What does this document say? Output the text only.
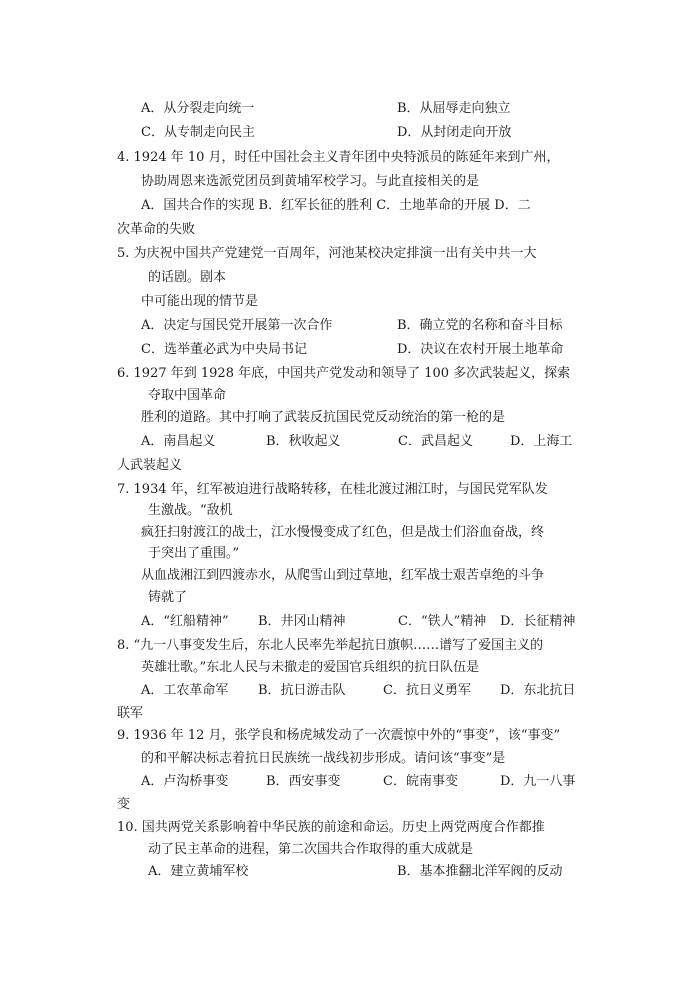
A．从分裂走向统一	B．从屈辱走向独立
C．从专制走向民主	D．从封闭走向开放
4. 1924 年 10 月，时任中国社会主义青年团中央特派员的陈延年来到广州，
协助周恩来选派党团员到黄埔军校学习。与此直接相关的是
A．国共合作的实现 B．红军长征的胜利 C．土地革命的开展 D．二
次革命的失败
5. 为庆祝中国共产党建党一百周年，河池某校决定排演一出有关中共一大
的话剧。剧本
中可能出现的情节是
A．决定与国民党开展第一次合作	B．确立党的名称和奋斗目标
C．选举董必武为中央局书记	D．决议在农村开展土地革命
6. 1927 年到 1928 年底，中国共产党发动和领导了 100 多次武装起义，探索
夺取中国革命
胜利的道路。其中打响了武装反抗国民党反动统治的第一枪的是
A．南昌起义	B．秋收起义	C．武昌起义	D．上海工
人武装起义
7. 1934 年，红军被迫进行战略转移，在桂北渡过湘江时，与国民党军队发
生激战。“敌机
疯狂扫射渡江的战士，江水慢慢变成了红色，但是战士们浴血奋战，终
于突出了重围。”
从血战湘江到四渡赤水，从爬雪山到过草地，红军战士艰苦卓绝的斗争
铸就了
A．“红船精神” B．井冈山精神	C．“铁人”精神 D．长征精神
8. “九一八事变发生后，东北人民率先举起抗日旗帜……谱写了爱国主义的
英雄壮歌。”东北人民与未撤走的爱国官兵组织的抗日队伍是
A．工农革命军 B．抗日游击队	C．抗日义勇军 D．东北抗日
联军
9. 1936 年 12 月，张学良和杨虎城发动了一次震惊中外的“事变”，该“事变”
的和平解决标志着抗日民族统一战线初步形成。请问该“事变”是
A．卢沟桥事变	B．西安事变	C．皖南事变	D．九一八事
变
10. 国共两党关系影响着中华民族的前途和命运。历史上两党两度合作都推
动了民主革命的进程，第二次国共合作取得的重大成就是
A．建立黄埔军校	B．基本推翻北洋军阀的反动
